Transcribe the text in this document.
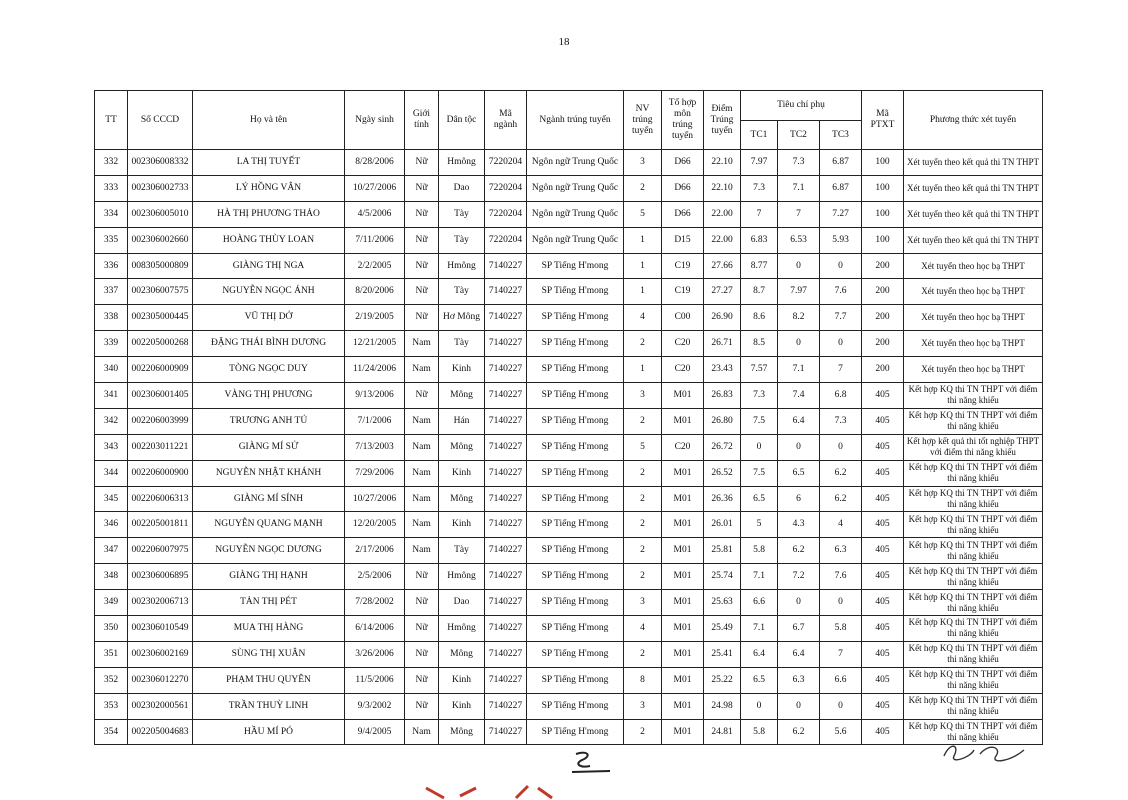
18
TT	Số CCCD	Họ và tên	Ngày sinh	Giới tính	Dân tộc	Mã ngành	Ngành trúng tuyển	NV trúng tuyển	Tổ hợp môn trúng tuyển	Điểm Trúng tuyển	Tiêu chí phụ			Mã PTXT	Phương thức xét tuyển
											TC1	TC2	TC3		
332	002306008332	LA THỊ TUYẾT	8/28/2006	Nữ	Hmông	7220204	Ngôn ngữ Trung Quốc	3	D66	22.10	7.97	7.3	6.87	100	Xét tuyển theo kết quả thi TN THPT
333	002306002733	LÝ HỒNG VÂN	10/27/2006	Nữ	Dao	7220204	Ngôn ngữ Trung Quốc	2	D66	22.10	7.3	7.1	6.87	100	Xét tuyển theo kết quả thi TN THPT
334	002306005010	HÀ THỊ PHƯƠNG THẢO	4/5/2006	Nữ	Tày	7220204	Ngôn ngữ Trung Quốc	5	D66	22.00	7	7	7.27	100	Xét tuyển theo kết quả thi TN THPT
335	002306002660	HOÀNG THÙY LOAN	7/11/2006	Nữ	Tày	7220204	Ngôn ngữ Trung Quốc	1	D15	22.00	6.83	6.53	5.93	100	Xét tuyển theo kết quả thi TN THPT
336	008305000809	GIÀNG THỊ NGA	2/2/2005	Nữ	Hmông	7140227	SP Tiếng H'mong	1	C19	27.66	8.77	0	0	200	Xét tuyển theo học bạ THPT
337	002306007575	NGUYỄN NGỌC ÁNH	8/20/2006	Nữ	Tày	7140227	SP Tiếng H'mong	1	C19	27.27	8.7	7.97	7.6	200	Xét tuyển theo học bạ THPT
338	002305000445	VŨ THỊ DỞ	2/19/2005	Nữ	Hơ Mông	7140227	SP Tiếng H'mong	4	C00	26.90	8.6	8.2	7.7	200	Xét tuyển theo học bạ THPT
339	002205000268	ĐẶNG THÁI BÌNH DƯƠNG	12/21/2005	Nam	Tày	7140227	SP Tiếng H'mong	2	C20	26.71	8.5	0	0	200	Xét tuyển theo học bạ THPT
340	002206000909	TÒNG NGỌC DUY	11/24/2006	Nam	Kinh	7140227	SP Tiếng H'mong	1	C20	23.43	7.57	7.1	7	200	Xét tuyển theo học bạ THPT
341	002306001405	VÀNG THỊ PHƯƠNG	9/13/2006	Nữ	Mông	7140227	SP Tiếng H'mong	3	M01	26.83	7.3	7.4	6.8	405	Kết hợp KQ thi TN THPT với điểm thi năng khiếu
342	002206003999	TRƯƠNG ANH TÚ	7/1/2006	Nam	Hán	7140227	SP Tiếng H'mong	2	M01	26.80	7.5	6.4	7.3	405	Kết hợp KQ thi TN THPT với điểm thi năng khiếu
343	002203011221	GIÀNG MÍ SỬ	7/13/2003	Nam	Mông	7140227	SP Tiếng H'mong	5	C20	26.72	0	0	0	405	Kết hợp kết quả thi tốt nghiệp THPT với điểm thi năng khiếu
344	002206000900	NGUYỄN NHẬT KHÁNH	7/29/2006	Nam	Kinh	7140227	SP Tiếng H'mong	2	M01	26.52	7.5	6.5	6.2	405	Kết hợp KQ thi TN THPT với điểm thi năng khiếu
345	002206006313	GIÀNG MÍ SÍNH	10/27/2006	Nam	Mông	7140227	SP Tiếng H'mong	2	M01	26.36	6.5	6	6.2	405	Kết hợp KQ thi TN THPT với điểm thi năng khiếu
346	002205001811	NGUYỄN QUANG MẠNH	12/20/2005	Nam	Kinh	7140227	SP Tiếng H'mong	2	M01	26.01	5	4.3	4	405	Kết hợp KQ thi TN THPT với điểm thi năng khiếu
347	002206007975	NGUYỄN NGỌC DƯƠNG	2/17/2006	Nam	Tày	7140227	SP Tiếng H'mong	2	M01	25.81	5.8	6.2	6.3	405	Kết hợp KQ thi TN THPT với điểm thi năng khiếu
348	002306006895	GIÀNG THỊ HẠNH	2/5/2006	Nữ	Hmông	7140227	SP Tiếng H'mong	2	M01	25.74	7.1	7.2	7.6	405	Kết hợp KQ thi TN THPT với điểm thi năng khiếu
349	002302006713	TẢN THỊ PÉT	7/28/2002	Nữ	Dao	7140227	SP Tiếng H'mong	3	M01	25.63	6.6	0	0	405	Kết hợp KQ thi TN THPT với điểm thi năng khiếu
350	002306010549	MUA THỊ HÀNG	6/14/2006	Nữ	Hmông	7140227	SP Tiếng H'mong	4	M01	25.49	7.1	6.7	5.8	405	Kết hợp KQ thi TN THPT với điểm thi năng khiếu
351	002306002169	SÙNG THỊ XUÂN	3/26/2006	Nữ	Mông	7140227	SP Tiếng H'mong	2	M01	25.41	6.4	6.4	7	405	Kết hợp KQ thi TN THPT với điểm thi năng khiếu
352	002306012270	PHẠM THU QUYÊN	11/5/2006	Nữ	Kinh	7140227	SP Tiếng H'mong	8	M01	25.22	6.5	6.3	6.6	405	Kết hợp KQ thi TN THPT với điểm thi năng khiếu
353	002302000561	TRẦN THUỲ LINH	9/3/2002	Nữ	Kinh	7140227	SP Tiếng H'mong	3	M01	24.98	0	0	0	405	Kết hợp KQ thi TN THPT với điểm thi năng khiếu
354	002205004683	HẦU MÍ PÓ	9/4/2005	Nam	Mông	7140227	SP Tiếng H'mong	2	M01	24.81	5.8	6.2	5.6	405	Kết hợp KQ thi TN THPT với điểm thi năng khiếu
